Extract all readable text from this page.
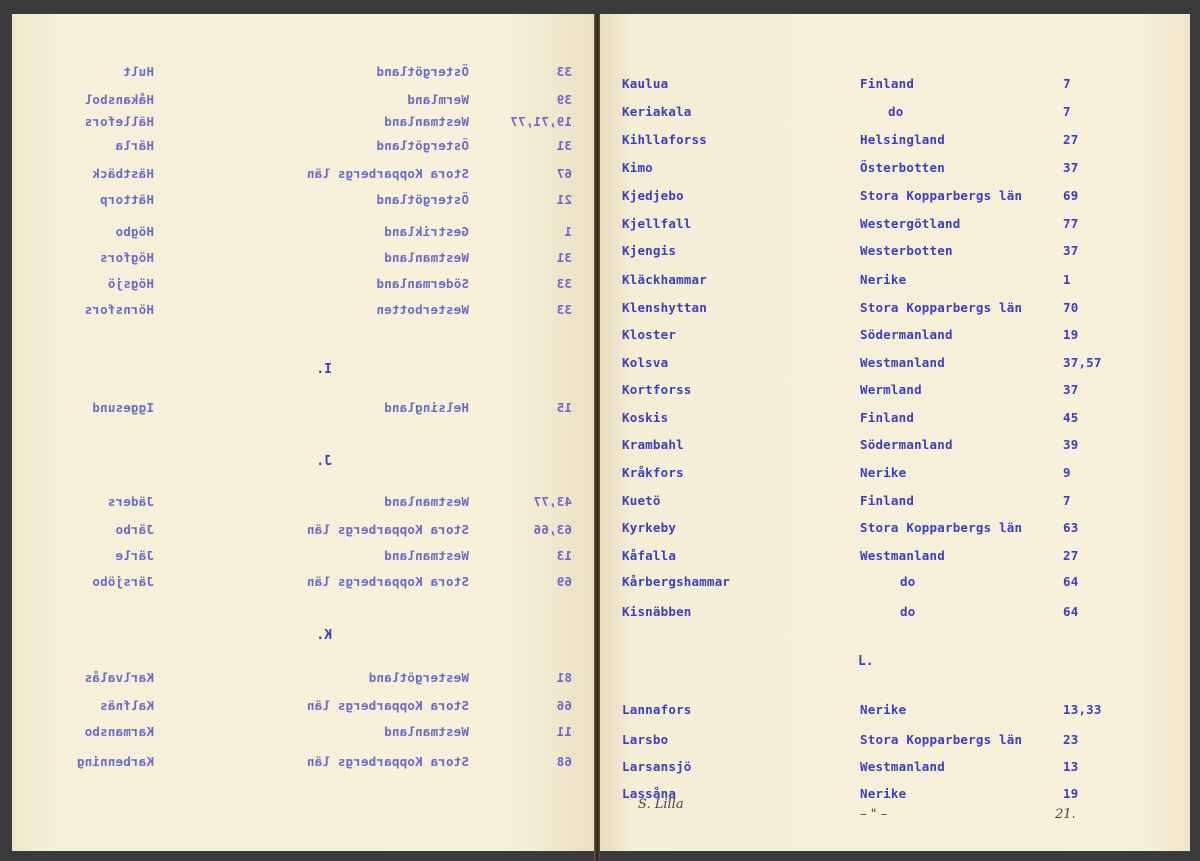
Hult	Östergötland	33
Håkansbol	Wermland	39
Hällefors	Westmanland	19,71,77
Härla	Östergötland	31
Hästbäck	Stora Kopparbergs län	67
Hättorp	Östergötland	21
Högbo	Gestrikland	1
Högfors	Westmanland	31
Högsjö	Södermanland	33
Hörnsfors	Westerbotten	33
I.
Iggesund	Helsingland	15
J.
Jäders	Westmanland	43,77
Järbo	Stora Kopparbergs län	63,66
Järle	Westmanland	13
Järsjöbo	Stora Kopparbergs län	69
K.
Karlvalås	Westergötland	81
Kalfnäs	Stora Kopparbergs län	66
Karmansbo	Westmanland	11
Karbenning	Stora Kopparbergs län	68
Kaulua	Finland	7
Keriakala	do	7
Kihllaforss	Helsingland	27
Kimo	Österbotten	37
Kjedjebo	Stora Kopparbergs län	69
Kjellfall	Westergötland	77
Kjengis	Westerbotten	37
Kläckhammar	Nerike	1
Klenshyttan	Stora Kopparbergs län	70
Kloster	Södermanland	19
Kolsva	Westmanland	37,57
Kortforss	Wermland	37
Koskis	Finland	45
Krambahl	Södermanland	39
Kråkfors	Nerike	9
Kuetö	Finland	7
Kyrkeby	Stora Kopparbergs län	63
Kåfalla	Westmanland	27
Kårbergshammar	do	64
Kisnäbben	do	64
L.
Lannafors	Nerike	13,33
Larsbo	Stora Kopparbergs län	23
Larsansjö	Westmanland	13
Lassåna	Nerike	19
S. Lilla
– " –	21.
